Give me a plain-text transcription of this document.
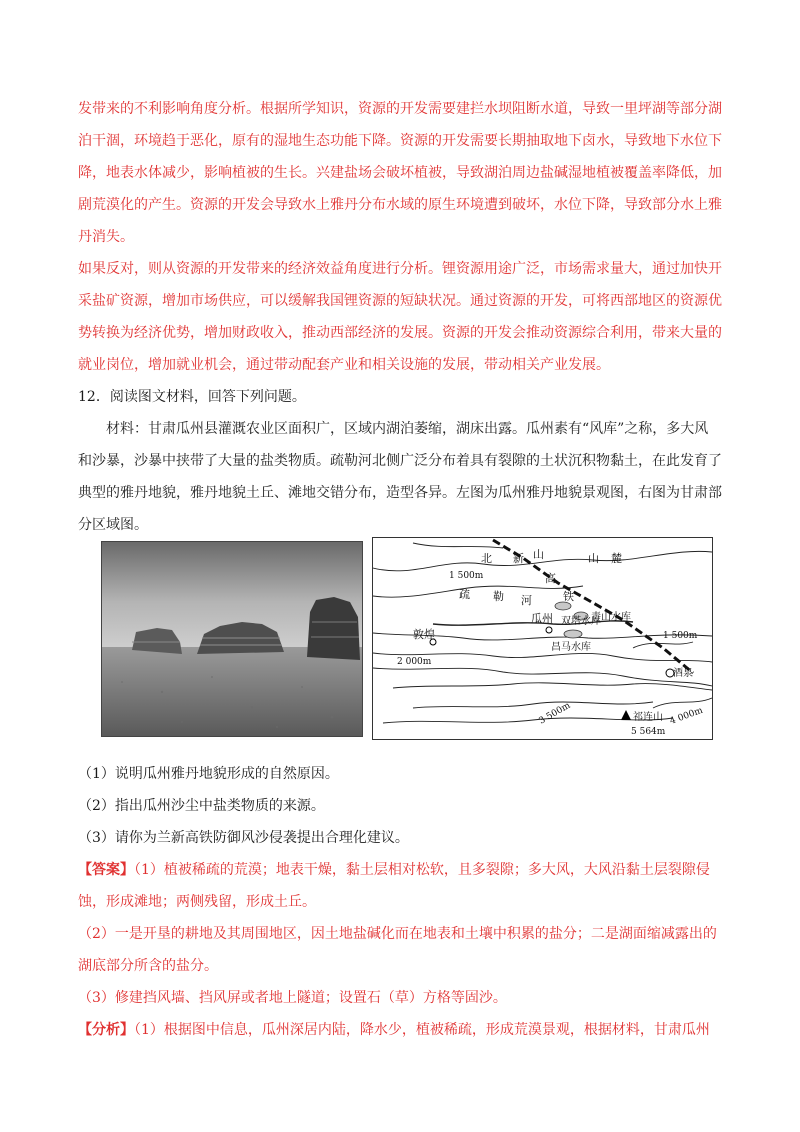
发带来的不利影响角度分析。根据所学知识，资源的开发需要建拦水坝阻断水道，导致一里坪湖等部分湖
泊干涸，环境趋于恶化，原有的湿地生态功能下降。资源的开发需要长期抽取地下卤水，导致地下水位下
降，地表水体减少，影响植被的生长。兴建盐场会破坏植被，导致湖泊周边盐碱湿地植被覆盖率降低，加
剧荒漠化的产生。资源的开发会导致水上雅丹分布水域的原生环境遭到破坏，水位下降，导致部分水上雅
丹消失。
如果反对，则从资源的开发带来的经济效益角度进行分析。锂资源用途广泛，市场需求量大，通过加快开
采盐矿资源，增加市场供应，可以缓解我国锂资源的短缺状况。通过资源的开发，可将西部地区的资源优
势转换为经济优势，增加财政收入，推动西部经济的发展。资源的开发会推动资源综合利用，带来大量的
就业岗位，增加就业机会，通过带动配套产业和相关设施的发展，带动相关产业发展。
12．阅读图文材料，回答下列问题。
材料：甘肃瓜州县灌溉农业区面积广，区域内湖泊萎缩，湖床出露。瓜州素有“风库”之称，多大风
和沙暴，沙暴中挟带了大量的盐类物质。疏勒河北侧广泛分布着具有裂隙的土状沉积物黏土，在此发育了
典型的雅丹地貌，雅丹地貌土丘、滩地交错分布，造型各异。左图为瓜州雅丹地貌景观图，右图为甘肃部
分区域图。
北 新 山	山 麓
高
铁
疏 勒 河
瓜州 双塔水库
青山水库
昌马水库
敦煌
酒泉
1 500m
1 500m
2 000m
3 500m	4 000m
祁连山
5 564m
（1）说明瓜州雅丹地貌形成的自然原因。
（2）指出瓜州沙尘中盐类物质的来源。
（3）请你为兰新高铁防御风沙侵袭提出合理化建议。
【答案】（1）植被稀疏的荒漠；地表干燥，黏土层相对松软，且多裂隙；多大风，大风沿黏土层裂隙侵
蚀，形成滩地；两侧残留，形成土丘。
（2）一是开垦的耕地及其周围地区，因土地盐碱化而在地表和土壤中积累的盐分；二是湖面缩减露出的
湖底部分所含的盐分。
（3）修建挡风墙、挡风屏或者地上隧道；设置石（草）方格等固沙。
【分析】（1）根据图中信息，瓜州深居内陆，降水少，植被稀疏，形成荒漠景观，根据材料，甘肃瓜州
